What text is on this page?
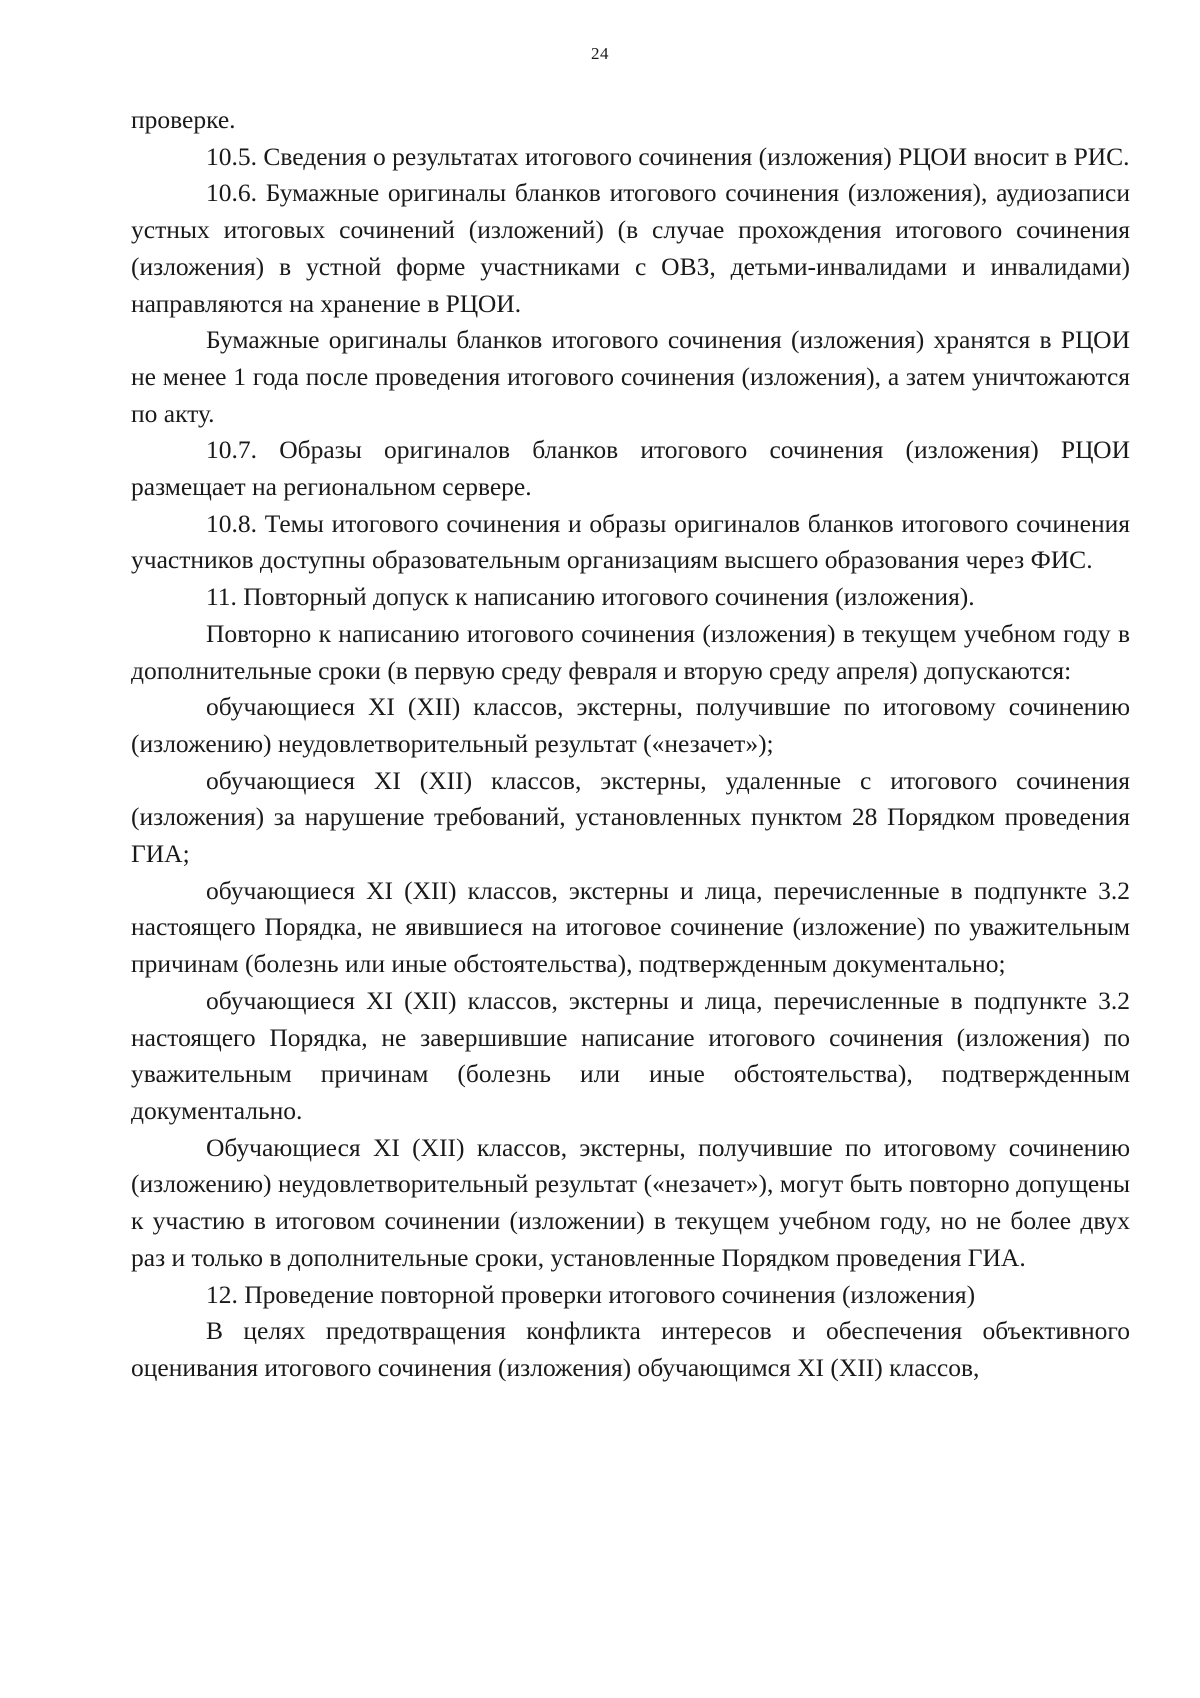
24

проверке.

10.5. Сведения о результатах итогового сочинения (изложения) РЦОИ вносит в РИС.

10.6. Бумажные оригиналы бланков итогового сочинения (изложения), аудиозаписи устных итоговых сочинений (изложений) (в случае прохождения итогового сочинения (изложения) в устной форме участниками с ОВЗ, детьми-инвалидами и инвалидами) направляются на хранение в РЦОИ.

Бумажные оригиналы бланков итогового сочинения (изложения) хранятся в РЦОИ не менее 1 года после проведения итогового сочинения (изложения), а затем уничтожаются по акту.

10.7. Образы оригиналов бланков итогового сочинения (изложения) РЦОИ размещает на региональном сервере.

10.8. Темы итогового сочинения и образы оригиналов бланков итогового сочинения участников доступны образовательным организациям высшего образования через ФИС.

11. Повторный допуск к написанию итогового сочинения (изложения).

Повторно к написанию итогового сочинения (изложения) в текущем учебном году в дополнительные сроки (в первую среду февраля и вторую среду апреля) допускаются:

обучающиеся XI (XII) классов, экстерны, получившие по итоговому сочинению (изложению) неудовлетворительный результат («незачет»);

обучающиеся XI (XII) классов, экстерны, удаленные с итогового сочинения (изложения) за нарушение требований, установленных пунктом 28 Порядком проведения ГИА;

обучающиеся XI (XII) классов, экстерны и лица, перечисленные в подпункте 3.2 настоящего Порядка, не явившиеся на итоговое сочинение (изложение) по уважительным причинам (болезнь или иные обстоятельства), подтвержденным документально;

обучающиеся XI (XII) классов, экстерны и лица, перечисленные в подпункте 3.2 настоящего Порядка, не завершившие написание итогового сочинения (изложения) по уважительным причинам (болезнь или иные обстоятельства), подтвержденным документально.

Обучающиеся XI (XII) классов, экстерны, получившие по итоговому сочинению (изложению) неудовлетворительный результат («незачет»), могут быть повторно допущены к участию в итоговом сочинении (изложении) в текущем учебном году, но не более двух раз и только в дополнительные сроки, установленные Порядком проведения ГИА.

12. Проведение повторной проверки итогового сочинения (изложения)

В целях предотвращения конфликта интересов и обеспечения объективного оценивания итогового сочинения (изложения) обучающимся XI (XII) классов,
